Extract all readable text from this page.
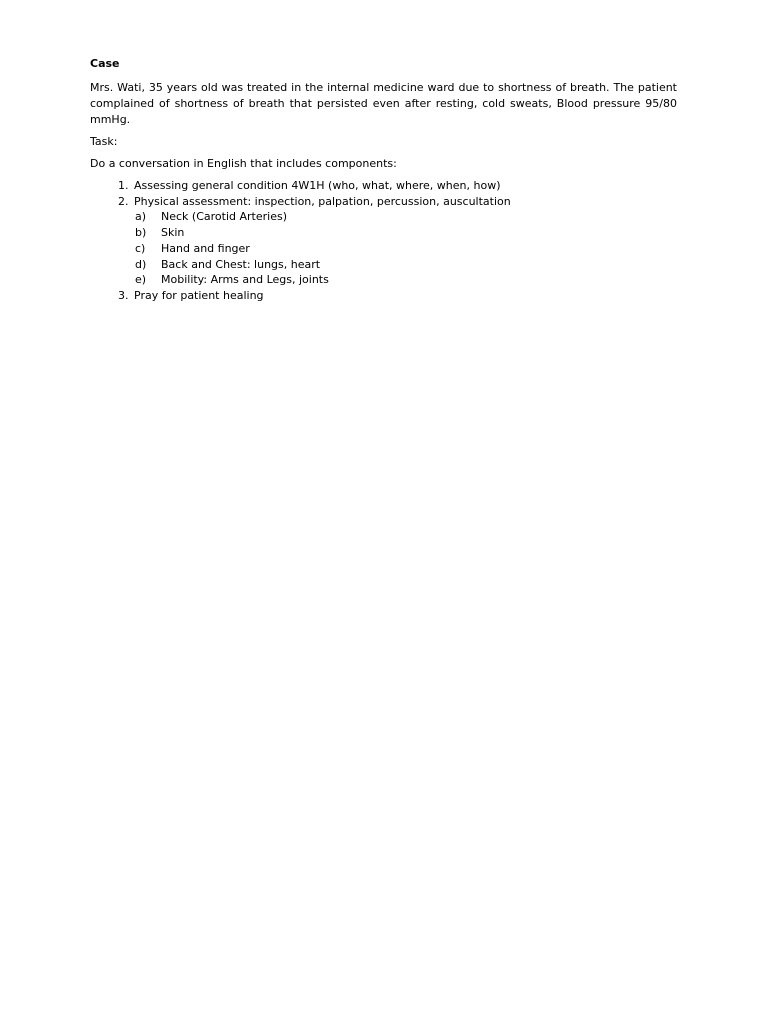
Case

Mrs. Wati, 35 years old was treated in the internal medicine ward due to shortness of breath. The patient complained of shortness of breath that persisted even after resting, cold sweats, Blood pressure 95/80 mmHg.

Task:

Do a conversation in English that includes components:

1. Assessing general condition 4W1H (who, what, where, when, how)
2. Physical assessment: inspection, palpation, percussion, auscultation
a) Neck (Carotid Arteries)
b) Skin
c) Hand and finger
d) Back and Chest: lungs, heart
e) Mobility: Arms and Legs, joints
3. Pray for patient healing
